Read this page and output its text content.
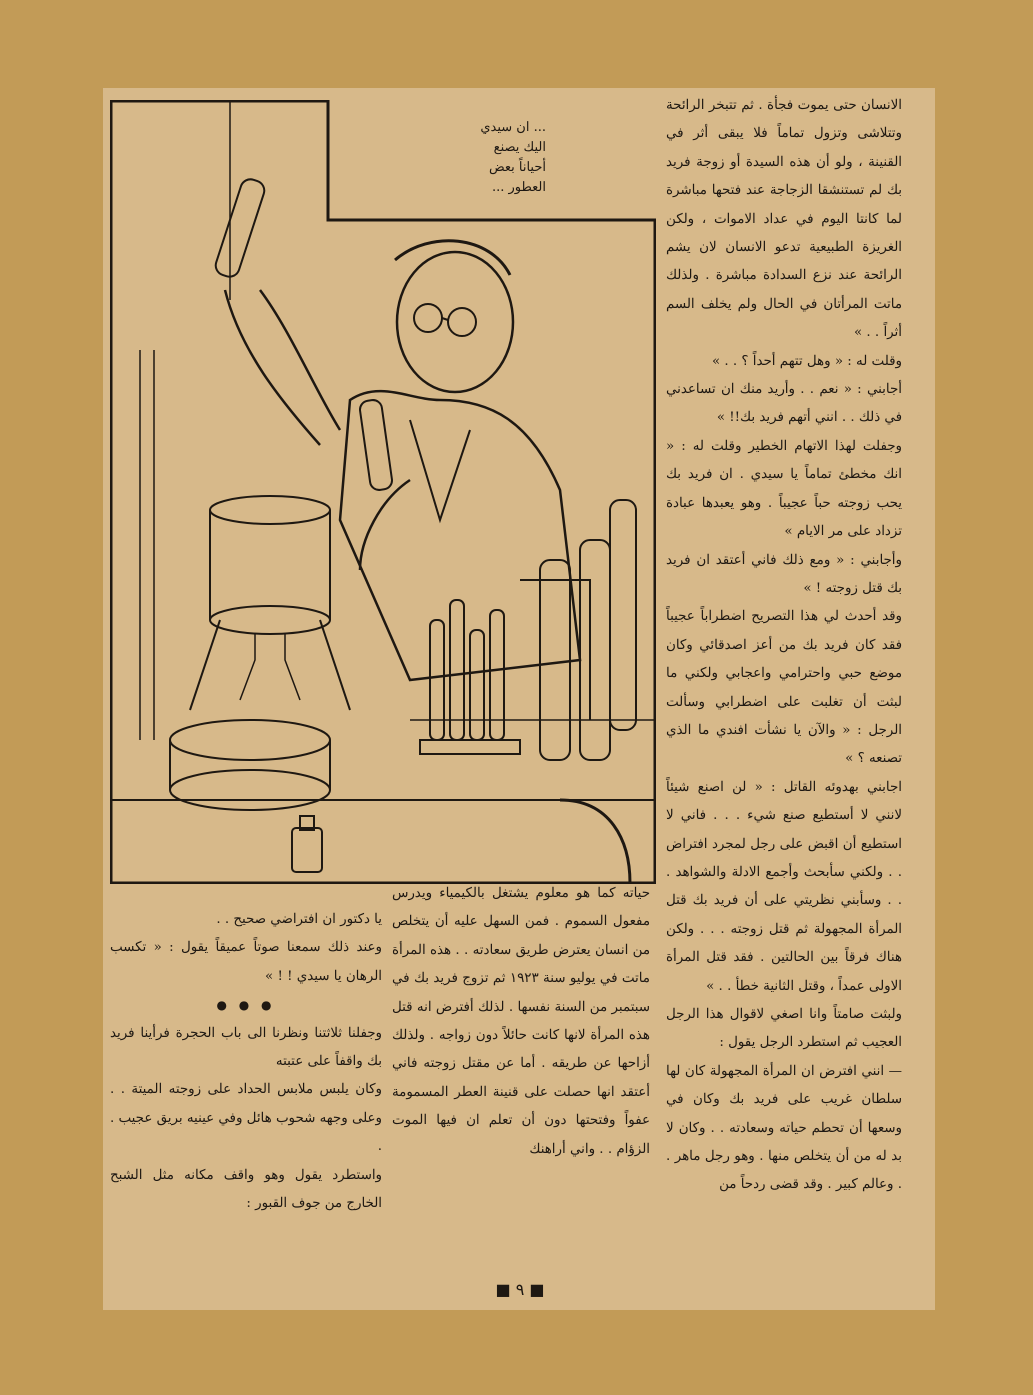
... ان سيدي اليك يصنع أحياناً بعض العطور ...

الانسان حتى يموت فجأة . ثم تتبخر الرائحة وتتلاشى وتزول تماماً فلا يبقى أثر في القنينة ، ولو أن هذه السيدة أو زوجة فريد بك لم تستنشقا الزجاجة عند فتحها مباشرة لما كانتا اليوم في عداد الاموات ، ولكن الغريزة الطبيعية تدعو الانسان لان يشم الرائحة عند نزع السدادة مباشرة . ولذلك ماتت المرأتان في الحال ولم يخلف السم أثراً . . »

وقلت له : « وهل تتهم أحداً ؟ . . »

أجابني : « نعم . . وأريد منك ان تساعدني في ذلك . . انني أتهم فريد بك!! »

وجفلت لهذا الاتهام الخطير وقلت له : « انك مخطئ تماماً يا سيدي . ان فريد بك يحب زوجته حباً عجيباً . وهو يعبدها عبادة تزداد على مر الايام »

وأجابني : « ومع ذلك فاني أعتقد ان فريد بك قتل زوجته ! »

وقد أحدث لي هذا التصريح اضطراباً عجيباً فقد كان فريد بك من أعز اصدقائي وكان موضع حبي واحترامي واعجابي ولكني ما لبثت أن تغلبت على اضطرابي وسألت الرجل : « والآن يا نشأت افندي ما الذي تصنعه ؟ »

اجابني بهدوئه القاتل : « لن اصنع شيئاً لانني لا أستطيع صنع شيء . . . فاني لا استطيع أن اقبض على رجل لمجرد افتراض . . ولكني سأبحث وأجمع الادلة والشواهد . . . وسأبني نظريتي على أن فريد بك قتل المرأة المجهولة ثم قتل زوجته . . . ولكن هناك فرقاً بين الحالتين . فقد قتل المرأة الاولى عمداً ، وقتل الثانية خطأ . . »

ولبثت صامتاً وانا اصغي لاقوال هذا الرجل العجيب ثم استطرد الرجل يقول :

— انني افترض ان المرأة المجهولة كان لها سلطان غريب على فريد بك وكان في وسعها أن تحطم حياته وسعادته . . وكان لا بد له من أن يتخلص منها . وهو رجل ماهر . . وعالم كبير . وقد قضى ردحاً من

حياته كما هو معلوم يشتغل بالكيمياء ويدرس مفعول السموم . فمن السهل عليه أن يتخلص من انسان يعترض طريق سعادته . . هذه المرأة ماتت في يوليو سنة ١٩٢٣ ثم تزوج فريد بك في سبتمبر من السنة نفسها . لذلك أفترض انه قتل هذه المرأة لانها كانت حائلاً دون زواجه . ولذلك أزاحها عن طريقه . أما عن مقتل زوجته فاني أعتقد انها حصلت على قنينة العطر المسمومة عفواً وفتحتها دون أن تعلم ان فيها الموت الزؤام . . واني أراهنك

يا دكتور ان افتراضي صحيح . .

وعند ذلك سمعنا صوتاً عميقاً يقول : « تكسب الرهان يا سيدي ! ! »

● ● ●

وجفلنا ثلاثتنا ونظرنا الى باب الحجرة فرأينا فريد بك واقفاً على عتبته

وكان يلبس ملابس الحداد على زوجته الميتة . . وعلى وجهه شحوب هائل وفي عينيه بريق عجيب . .

واستطرد يقول وهو واقف مكانه مثل الشبح الخارج من جوف القبور :

■ ٩ ■
